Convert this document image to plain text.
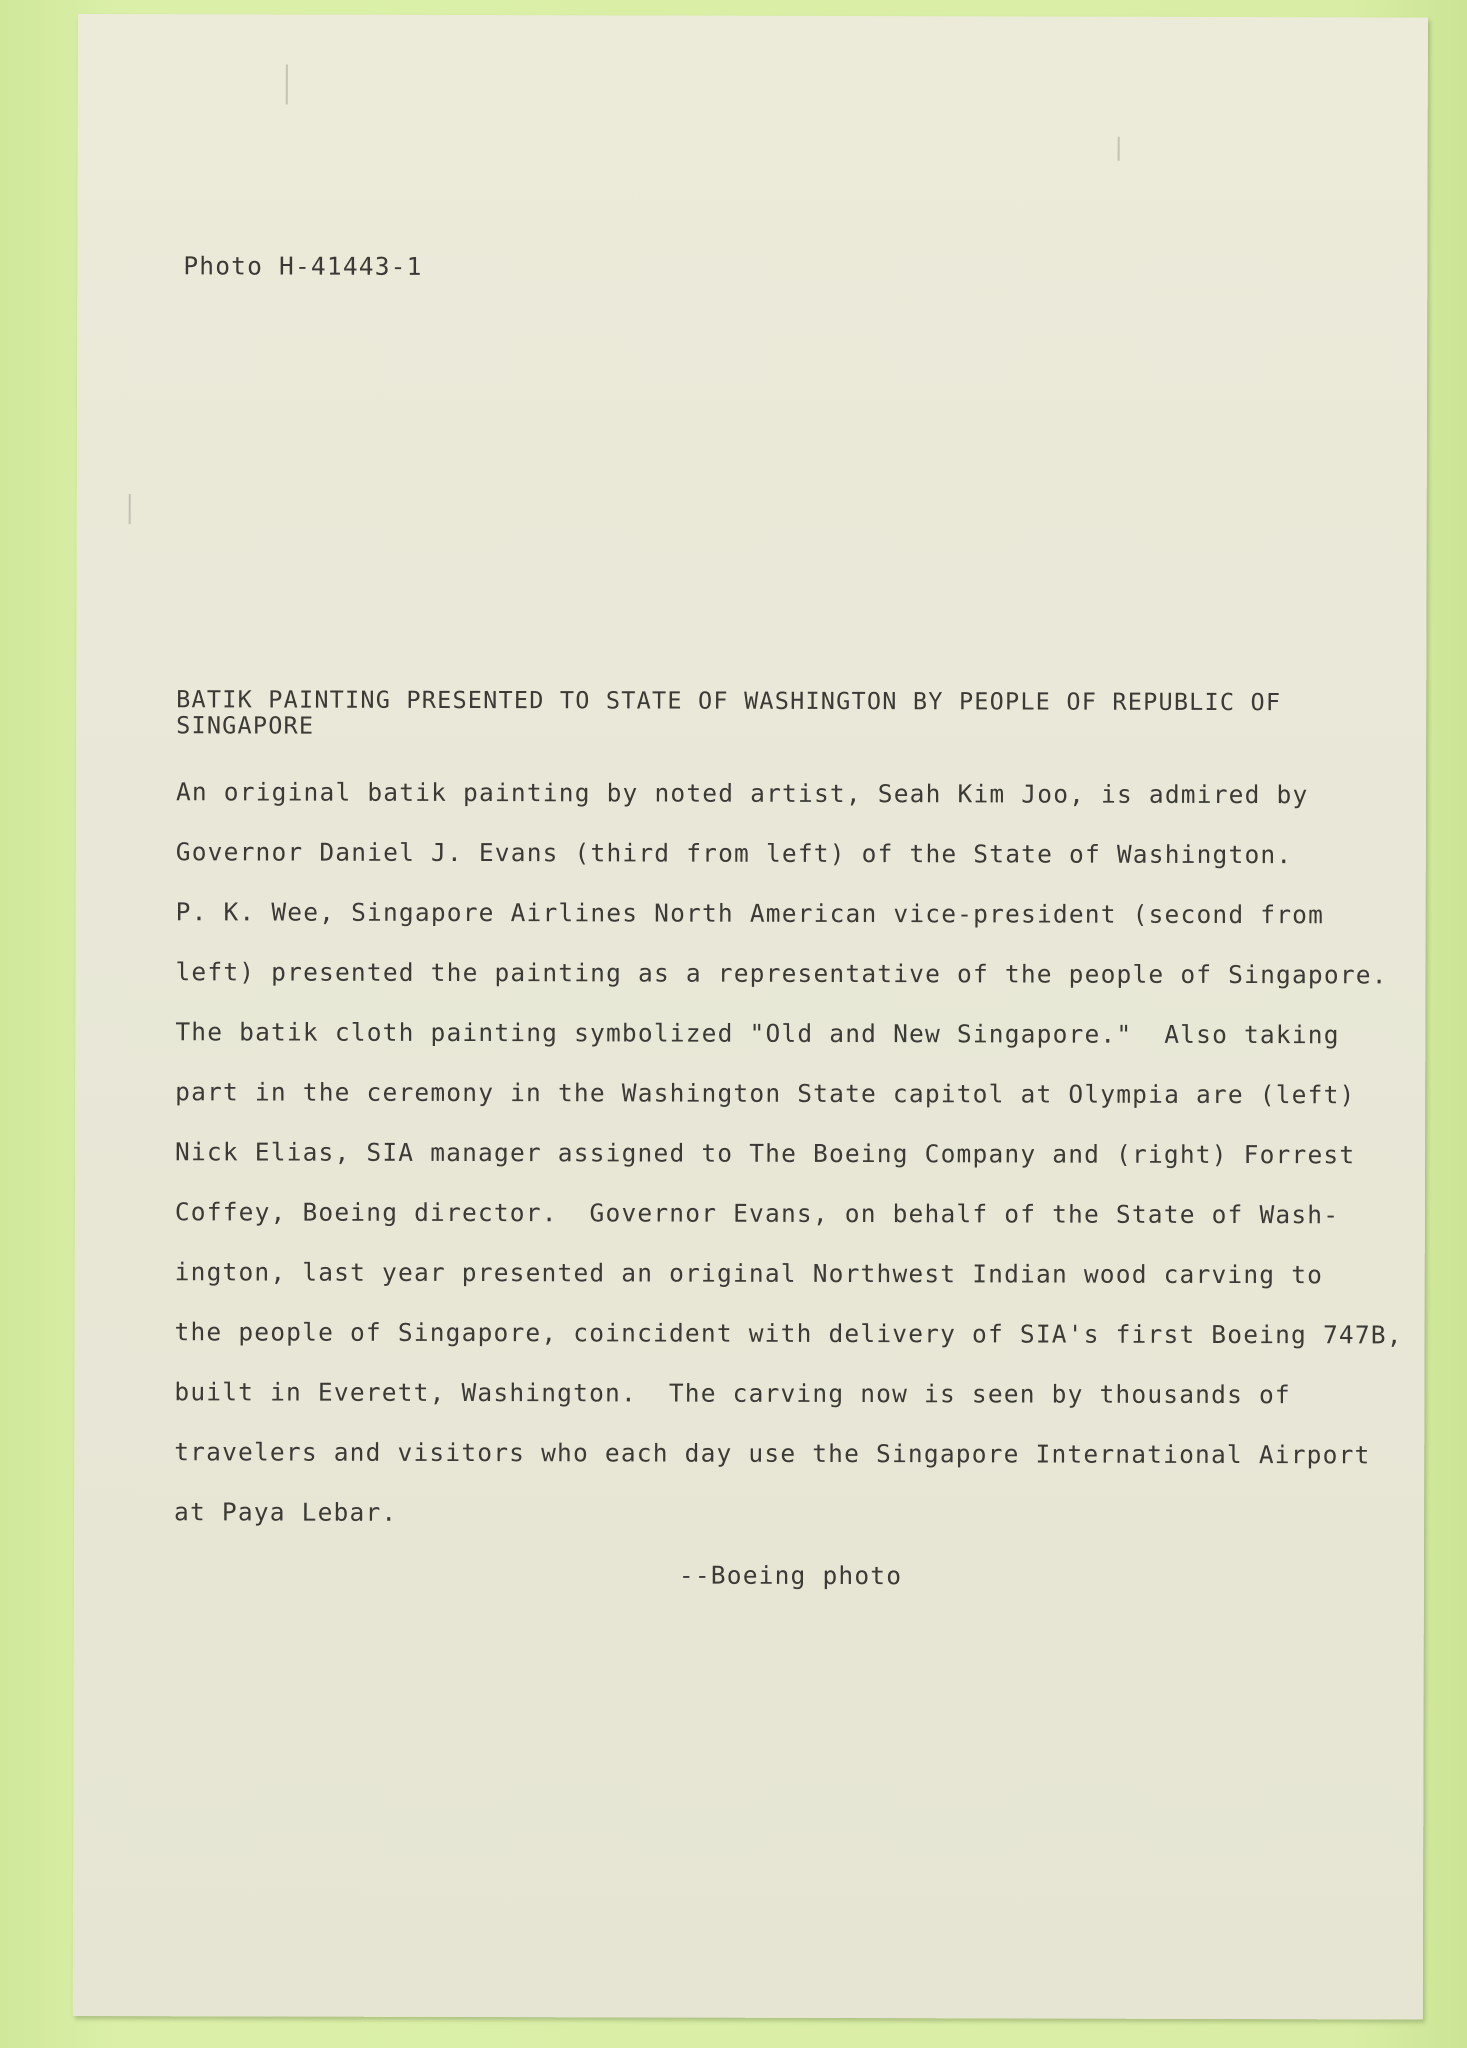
Photo H-41443-1
BATIK PAINTING PRESENTED TO STATE OF WASHINGTON BY PEOPLE OF REPUBLIC OF SINGAPORE
An original batik painting by noted artist, Seah Kim Joo, is admired by
Governor Daniel J. Evans (third from left) of the State of Washington.
P. K. Wee, Singapore Airlines North American vice-president (second from
left) presented the painting as a representative of the people of Singapore.
The batik cloth painting symbolized "Old and New Singapore."  Also taking
part in the ceremony in the Washington State capitol at Olympia are (left)
Nick Elias, SIA manager assigned to The Boeing Company and (right) Forrest
Coffey, Boeing director.  Governor Evans, on behalf of the State of Wash-
ington, last year presented an original Northwest Indian wood carving to
the people of Singapore, coincident with delivery of SIA's first Boeing 747B,
built in Everett, Washington.  The carving now is seen by thousands of
travelers and visitors who each day use the Singapore International Airport
at Paya Lebar.
--Boeing photo
